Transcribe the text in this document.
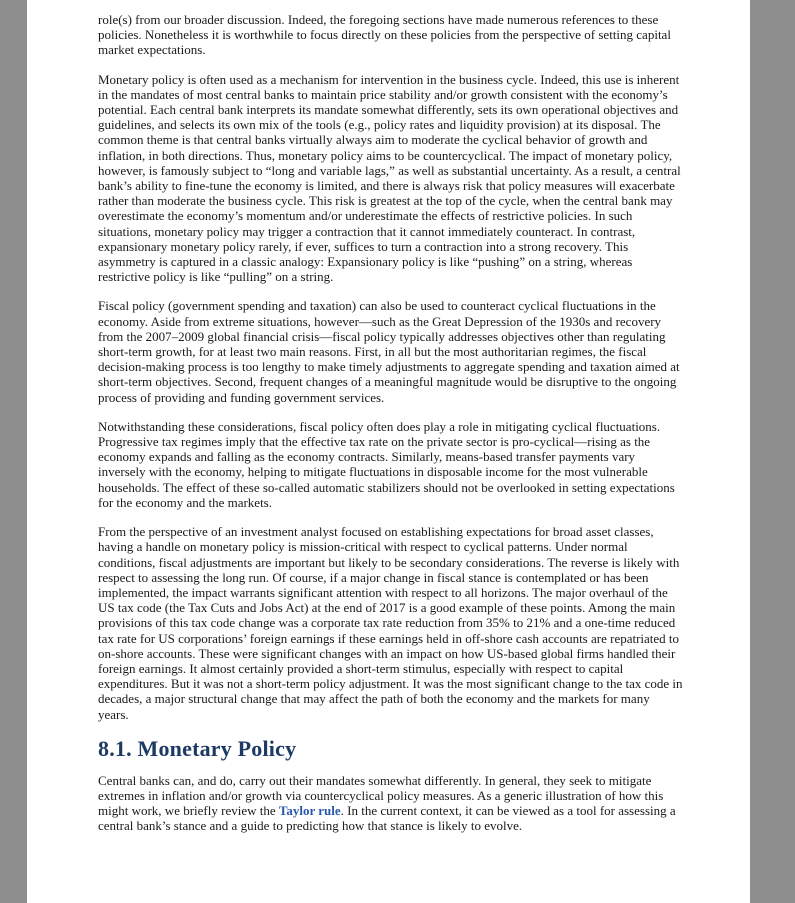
role(s) from our broader discussion. Indeed, the foregoing sections have made numerous references to these policies. Nonetheless it is worthwhile to focus directly on these policies from the perspective of setting capital market expectations.

Monetary policy is often used as a mechanism for intervention in the business cycle. Indeed, this use is inherent in the mandates of most central banks to maintain price stability and/or growth consistent with the economy’s potential. Each central bank interprets its mandate somewhat differently, sets its own operational objectives and guidelines, and selects its own mix of the tools (e.g., policy rates and liquidity provision) at its disposal. The common theme is that central banks virtually always aim to moderate the cyclical behavior of growth and inflation, in both directions. Thus, monetary policy aims to be countercyclical. The impact of monetary policy, however, is famously subject to “long and variable lags,” as well as substantial uncertainty. As a result, a central bank’s ability to fine-tune the economy is limited, and there is always risk that policy measures will exacerbate rather than moderate the business cycle. This risk is greatest at the top of the cycle, when the central bank may overestimate the economy’s momentum and/or underestimate the effects of restrictive policies. In such situations, monetary policy may trigger a contraction that it cannot immediately counteract. In contrast, expansionary monetary policy rarely, if ever, suffices to turn a contraction into a strong recovery. This asymmetry is captured in a classic analogy: Expansionary policy is like “pushing” on a string, whereas restrictive policy is like “pulling” on a string.

Fiscal policy (government spending and taxation) can also be used to counteract cyclical fluctuations in the economy. Aside from extreme situations, however—such as the Great Depression of the 1930s and recovery from the 2007–2009 global financial crisis—fiscal policy typically addresses objectives other than regulating short-term growth, for at least two main reasons. First, in all but the most authoritarian regimes, the fiscal decision-making process is too lengthy to make timely adjustments to aggregate spending and taxation aimed at short-term objectives. Second, frequent changes of a meaningful magnitude would be disruptive to the ongoing process of providing and funding government services.

Notwithstanding these considerations, fiscal policy often does play a role in mitigating cyclical fluctuations. Progressive tax regimes imply that the effective tax rate on the private sector is pro-cyclical—rising as the economy expands and falling as the economy contracts. Similarly, means-based transfer payments vary inversely with the economy, helping to mitigate fluctuations in disposable income for the most vulnerable households. The effect of these so-called automatic stabilizers should not be overlooked in setting expectations for the economy and the markets.

From the perspective of an investment analyst focused on establishing expectations for broad asset classes, having a handle on monetary policy is mission-critical with respect to cyclical patterns. Under normal conditions, fiscal adjustments are important but likely to be secondary considerations. The reverse is likely with respect to assessing the long run. Of course, if a major change in fiscal stance is contemplated or has been implemented, the impact warrants significant attention with respect to all horizons. The major overhaul of the US tax code (the Tax Cuts and Jobs Act) at the end of 2017 is a good example of these points. Among the main provisions of this tax code change was a corporate tax rate reduction from 35% to 21% and a one-time reduced tax rate for US corporations’ foreign earnings if these earnings held in off-shore cash accounts are repatriated to on-shore accounts. These were significant changes with an impact on how US-based global firms handled their foreign earnings. It almost certainly provided a short-term stimulus, especially with respect to capital expenditures. But it was not a short-term policy adjustment. It was the most significant change to the tax code in decades, a major structural change that may affect the path of both the economy and the markets for many years.

8.1. Monetary Policy

Central banks can, and do, carry out their mandates somewhat differently. In general, they seek to mitigate extremes in inflation and/or growth via countercyclical policy measures. As a generic illustration of how this might work, we briefly review the Taylor rule. In the current context, it can be viewed as a tool for assessing a central bank’s stance and a guide to predicting how that stance is likely to evolve.
